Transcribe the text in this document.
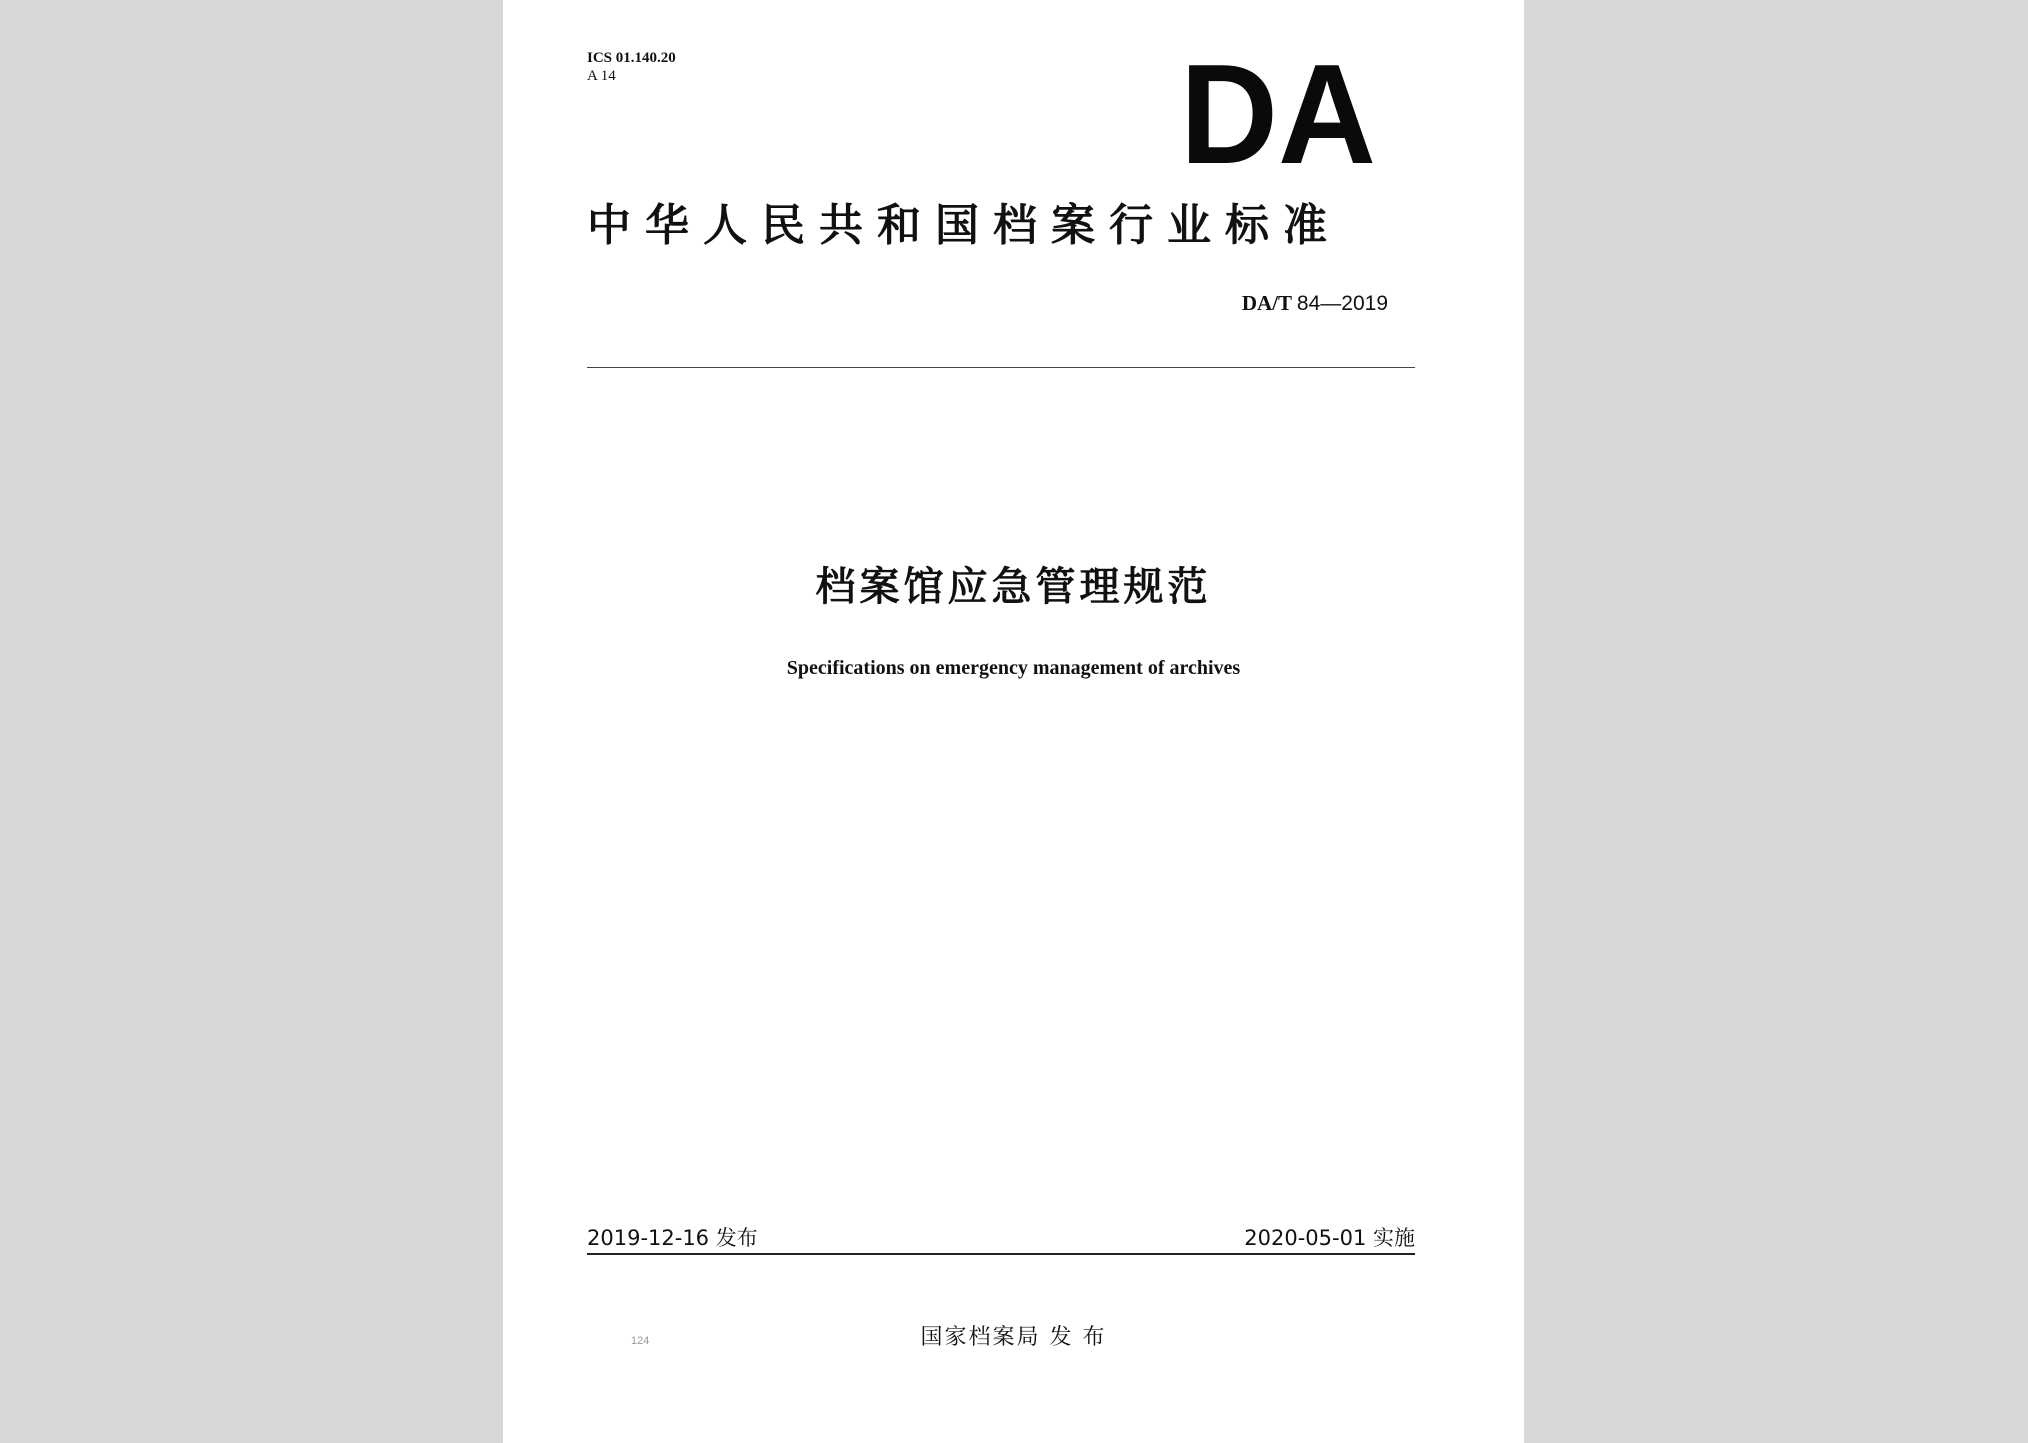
ICS 01.140.20
A 14	DA
中华人民共和国档案行业标准
DA/T 84—2019
档案馆应急管理规范
Specifications on emergency management of archives
2019-12-16 发布	2020-05-01 实施
124	国家档案局 发 布
